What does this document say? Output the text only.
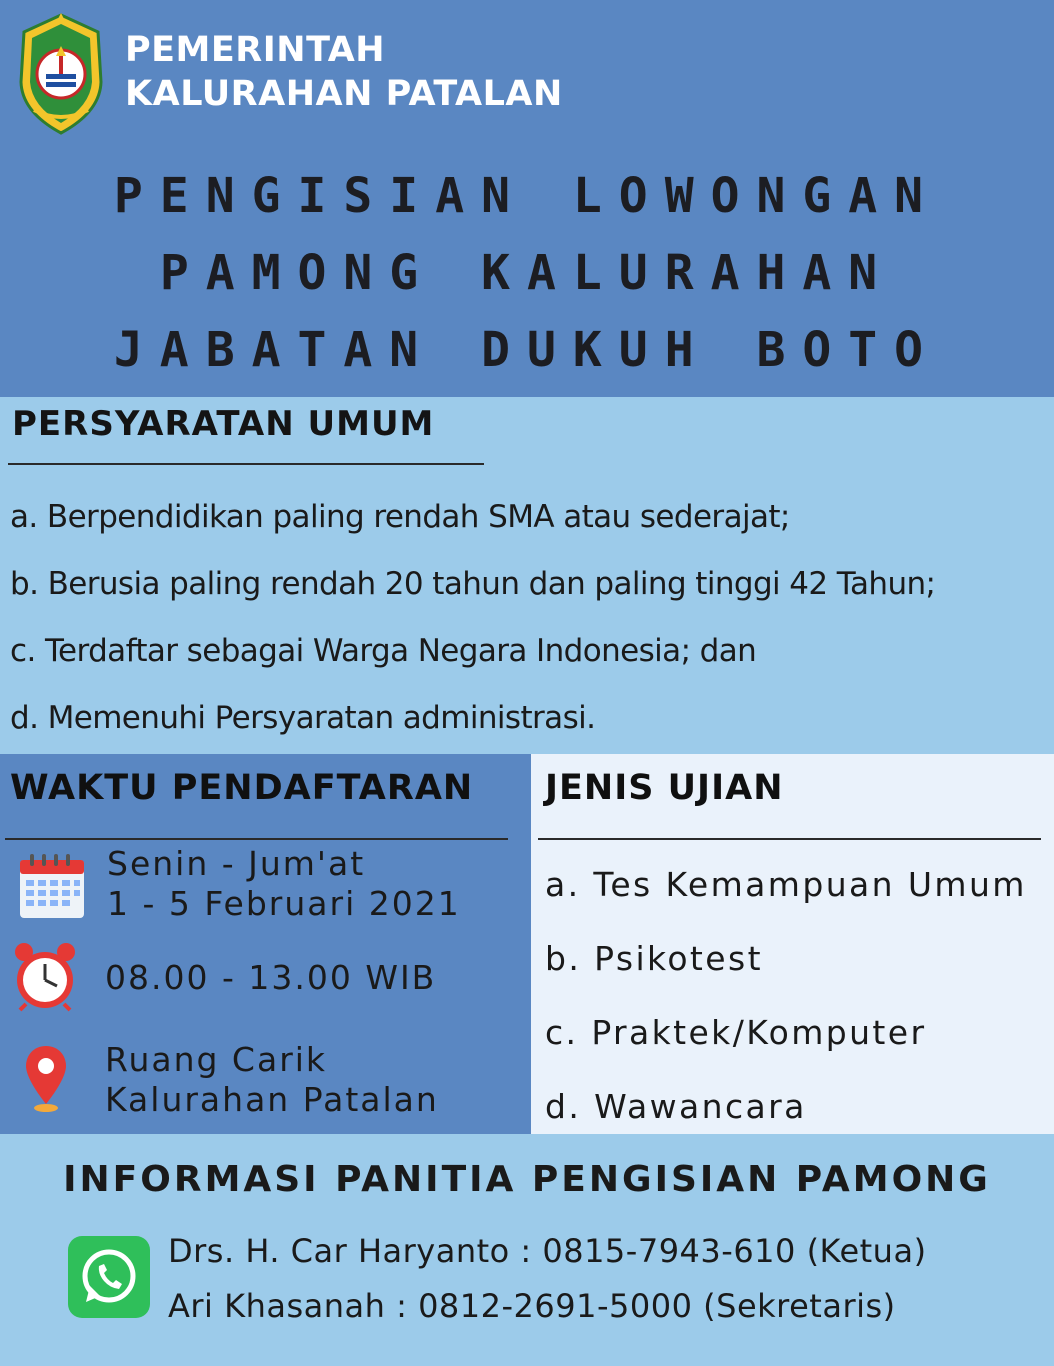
PEMERINTAH
KALURAHAN PATALAN
PENGISIAN LOWONGAN
PAMONG KALURAHAN
JABATAN DUKUH BOTO
PERSYARATAN UMUM
a. Berpendidikan paling rendah SMA atau sederajat;
b. Berusia paling rendah 20 tahun dan paling tinggi 42 Tahun;
c. Terdaftar sebagai Warga Negara Indonesia; dan
d. Memenuhi Persyaratan administrasi.
WAKTU PENDAFTARAN
Senin - Jum'at
1 - 5 Februari 2021
08.00 - 13.00 WIB
Ruang Carik
Kalurahan Patalan
JENIS UJIAN
a. Tes Kemampuan Umum
b. Psikotest
c. Praktek/Komputer
d. Wawancara
INFORMASI PANITIA PENGISIAN PAMONG
Drs. H. Car Haryanto : 0815-7943-610 (Ketua)
Ari Khasanah : 0812-2691-5000 (Sekretaris)
